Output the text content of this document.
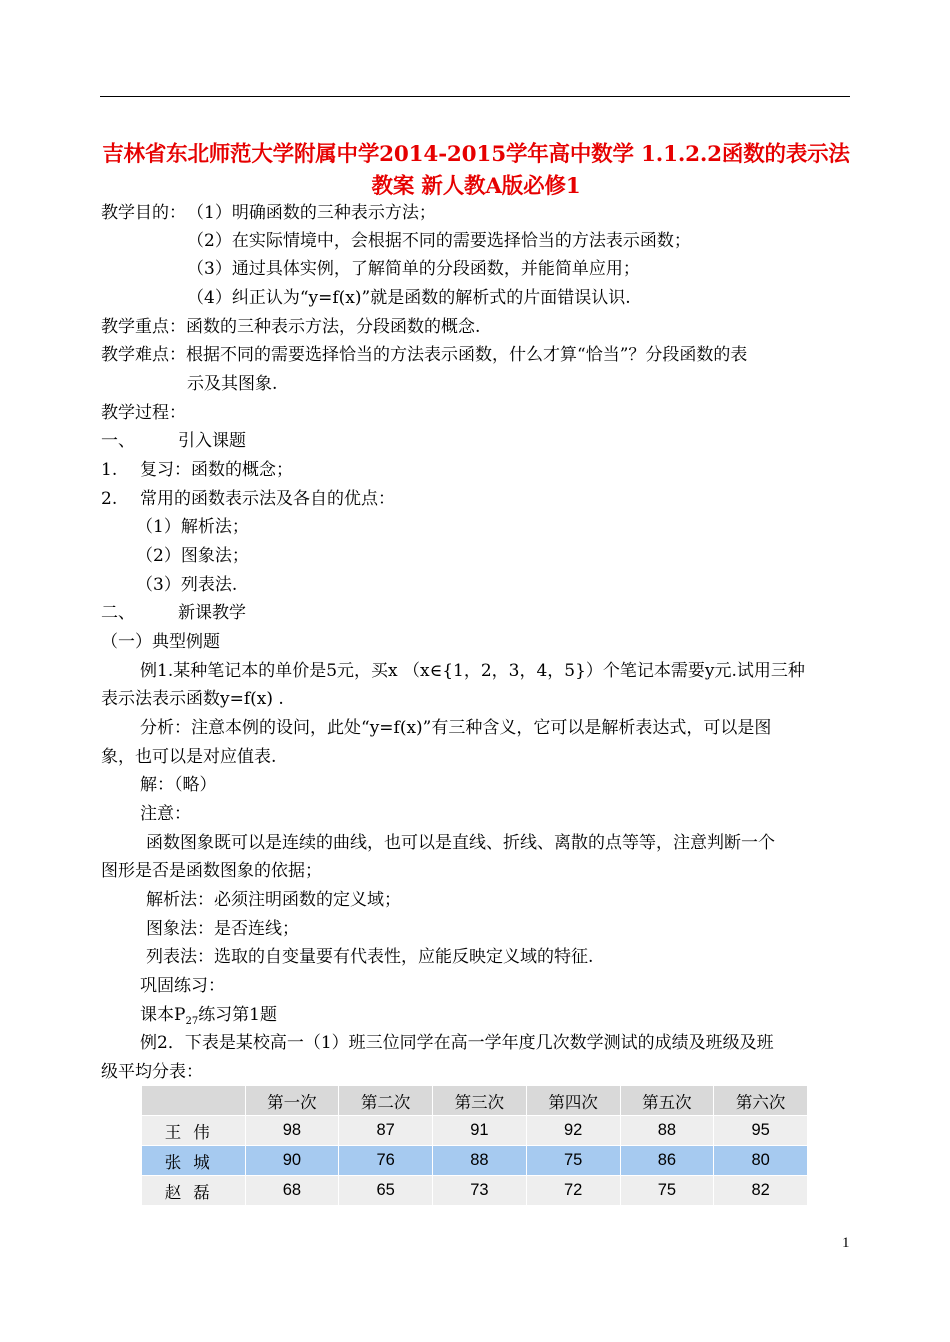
吉林省东北师范大学附属中学2014-2015学年高中数学 1.1.2.2函数的表示法教案 新人教A版必修1
教学目的： （1）明确函数的三种表示方法；
（2）在实际情境中，会根据不同的需要选择恰当的方法表示函数；
（3）通过具体实例，了解简单的分段函数，并能简单应用；
（4）纠正认为“y=f(x)”就是函数的解析式的片面错误认识.
教学重点：函数的三种表示方法，分段函数的概念.
教学难点：根据不同的需要选择恰当的方法表示函数，什么才算“恰当”？分段函数的表
示及其图象.
教学过程：
一、	引入课题
1. 复习：函数的概念；
2. 常用的函数表示法及各自的优点：
（1）解析法；
（2）图象法；
（3）列表法.
二、	新课教学
（一）典型例题
例1.某种笔记本的单价是5元，买x （x∈{1，2，3，4，5}）个笔记本需要y元.试用三种
表示法表示函数y=f(x) .
分析：注意本例的设问，此处“y=f(x)”有三种含义，它可以是解析表达式，可以是图
象，也可以是对应值表.
解：（略）
注意：
函数图象既可以是连续的曲线，也可以是直线、折线、离散的点等等，注意判断一个
图形是否是函数图象的依据；
解析法：必须注明函数的定义域；
图象法：是否连线；
列表法：选取的自变量要有代表性，应能反映定义域的特征.
巩固练习：
课本$P_{27}$练习第1题
例2．下表是某校高一（1）班三位同学在高一学年度几次数学测试的成绩及班级及班
级平均分表：
	第一次	第二次	第三次	第四次	第五次	第六次
王伟	98	87	91	92	88	95
张城	90	76	88	75	86	80
赵磊	68	65	73	72	75	82
1
